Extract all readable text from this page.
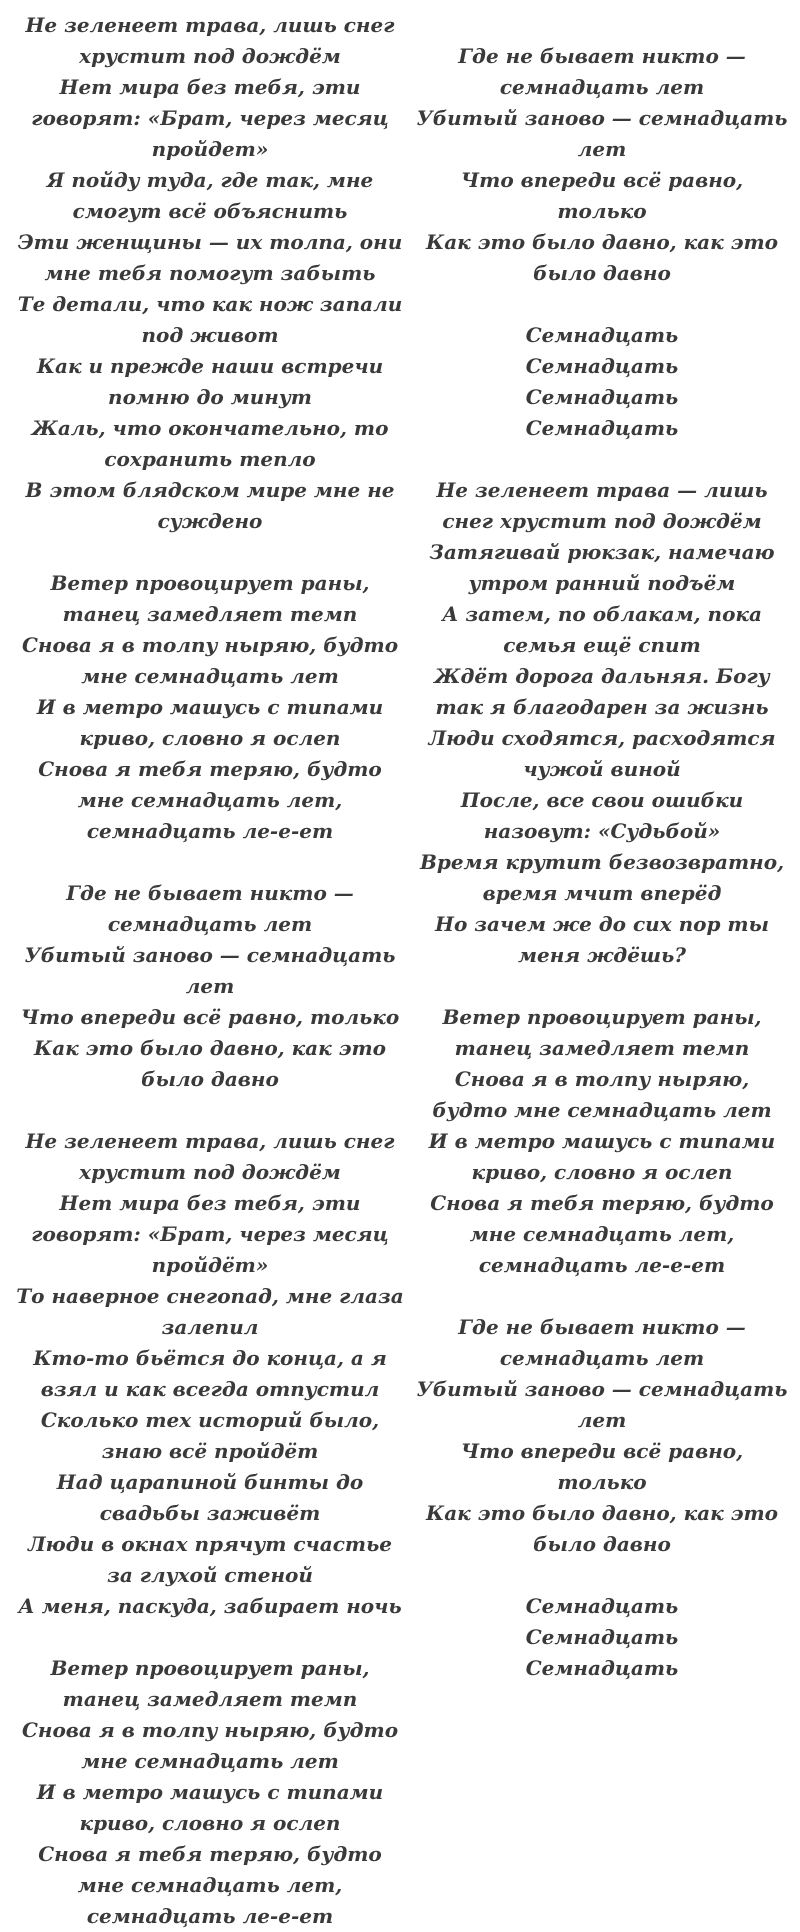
Не зеленеет трава, лишь снег хрустит под дождём
Нет мира без тебя, эти говорят: «Брат, через месяц пройдет»
Я пойду туда, где так, мне смогут всё объяснить
Эти женщины — их толпа, они мне тебя помогут забыть
Те детали, что как нож запали под живот
Как и прежде наши встречи помню до минут
Жаль, что окончательно, то сохранить тепло
В этом блядском мире мне не суждено
Ветер провоцирует раны, танец замедляет темп
Снова я в толпу ныряю, будто мне семнадцать лет
И в метро машусь с типами криво, словно я ослеп
Снова я тебя теряю, будто мне семнадцать лет, семнадцать ле-е-ет
Где не бывает никто — семнадцать лет
Убитый заново — семнадцать лет
Что впереди всё равно, только
Как это было давно, как это было давно
Не зеленеет трава, лишь снег хрустит под дождём
Нет мира без тебя, эти говорят: «Брат, через месяц пройдёт»
То наверное снегопад, мне глаза залепил
Кто-то бьётся до конца, а я взял и как всегда отпустил
Сколько тех историй было, знаю всё пройдёт
Над царапиной бинты до свадьбы заживёт
Люди в окнах прячут счастье за глухой стеной
А меня, паскуда, забирает ночь
Ветер провоцирует раны, танец замедляет темп
Снова я в толпу ныряю, будто мне семнадцать лет
И в метро машусь с типами криво, словно я ослеп
Снова я тебя теряю, будто мне семнадцать лет, семнадцать ле-е-ет
Где не бывает никто — семнадцать лет
Убитый заново — семнадцать лет
Что впереди всё равно, только
Как это было давно, как это было давно
Семнадцать
Семнадцать
Семнадцать
Семнадцать
Не зеленеет трава — лишь снег хрустит под дождём
Затягивай рюкзак, намечаю утром ранний подъём
А затем, по облакам, пока семья ещё спит
Ждёт дорога дальняя. Богу так я благодарен за жизнь
Люди сходятся, расходятся чужой виной
После, все свои ошибки назовут: «Судьбой»
Время крутит безвозвратно, время мчит вперёд
Но зачем же до сих пор ты меня ждёшь?
Ветер провоцирует раны, танец замедляет темп
Снова я в толпу ныряю, будто мне семнадцать лет
И в метро машусь с типами криво, словно я ослеп
Снова я тебя теряю, будто мне семнадцать лет, семнадцать ле-е-ет
Где не бывает никто — семнадцать лет
Убитый заново — семнадцать лет
Что впереди всё равно, только
Как это было давно, как это было давно
Семнадцать
Семнадцать
Семнадцать
